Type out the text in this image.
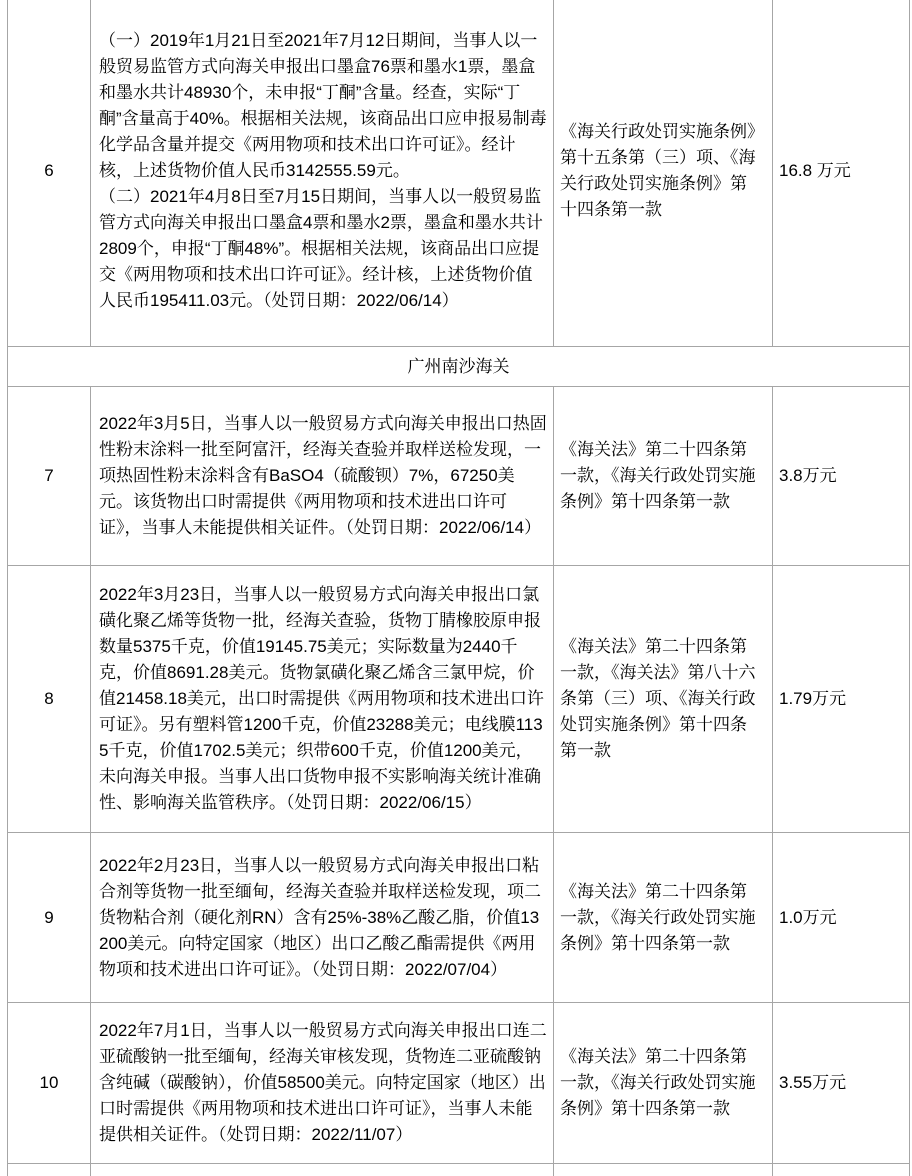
6

（一）2019年1月21日至2021年7月12日期间，当事人以一般贸易监管方式向海关申报出口墨盒76票和墨水1票，墨盒和墨水共计48930个，未申报“丁酮”含量。经查，实际“丁酮”含量高于40%。根据相关法规，该商品出口应申报易制毒化学品含量并提交《两用物项和技术出口许可证》。经计核，上述货物价值人民币3142555.59元。

（二）2021年4月8日至7月15日期间，当事人以一般贸易监管方式向海关申报出口墨盒4票和墨水2票，墨盒和墨水共计2809个，申报“丁酮48%”。根据相关法规，该商品出口应提交《两用物项和技术出口许可证》。经计核，上述货物价值人民币195411.03元。（处罚日期：2022/06/14）

《海关行政处罚实施条例》第十五条第（三）项、《海关行政处罚实施条例》第十四条第一款
16.8 万元
广州南沙海关
7

2022年3月5日，当事人以一般贸易方式向海关申报出口热固性粉末涂料一批至阿富汗，经海关查验并取样送检发现，一项热固性粉末涂料含有BaSO4（硫酸钡）7%，67250美元。该货物出口时需提供《两用物项和技术进出口许可证》，当事人未能提供相关证件。（处罚日期：2022/06/14）

《海关法》第二十四条第一款，《海关行政处罚实施条例》第十四条第一款
3.8万元
8

2022年3月23日，当事人以一般贸易方式向海关申报出口氯磺化聚乙烯等货物一批，经海关查验，货物丁腈橡胶原申报数量5375千克，价值19145.75美元；实际数量为2440千克，价值8691.28美元。货物氯磺化聚乙烯含三氯甲烷，价值21458.18美元，出口时需提供《两用物项和技术进出口许可证》。另有塑料管1200千克，价值23288美元；电线膜1135千克，价值1702.5美元；织带600千克，价值1200美元，未向海关申报。当事人出口货物申报不实影响海关统计准确性、影响海关监管秩序。（处罚日期：2022/06/15）

《海关法》第二十四条第一款，《海关法》第八十六条第（三）项、《海关行政处罚实施条例》第十四条第一款
1.79万元
9

2022年2月23日，当事人以一般贸易方式向海关申报出口粘合剂等货物一批至缅甸，经海关查验并取样送检发现，项二货物粘合剂（硬化剂RN）含有25%-38%乙酸乙脂，价值13200美元。向特定国家（地区）出口乙酸乙酯需提供《两用物项和技术进出口许可证》。（处罚日期：2022/07/04）

《海关法》第二十四条第一款，《海关行政处罚实施条例》第十四条第一款
1.0万元
10

2022年7月1日，当事人以一般贸易方式向海关申报出口连二亚硫酸钠一批至缅甸，经海关审核发现，货物连二亚硫酸钠含纯碱（碳酸钠），价值58500美元。向特定国家（地区）出口时需提供《两用物项和技术进出口许可证》，当事人未能提供相关证件。（处罚日期：2022/11/07）

《海关法》第二十四条第一款，《海关行政处罚实施条例》第十四条第一款
3.55万元
